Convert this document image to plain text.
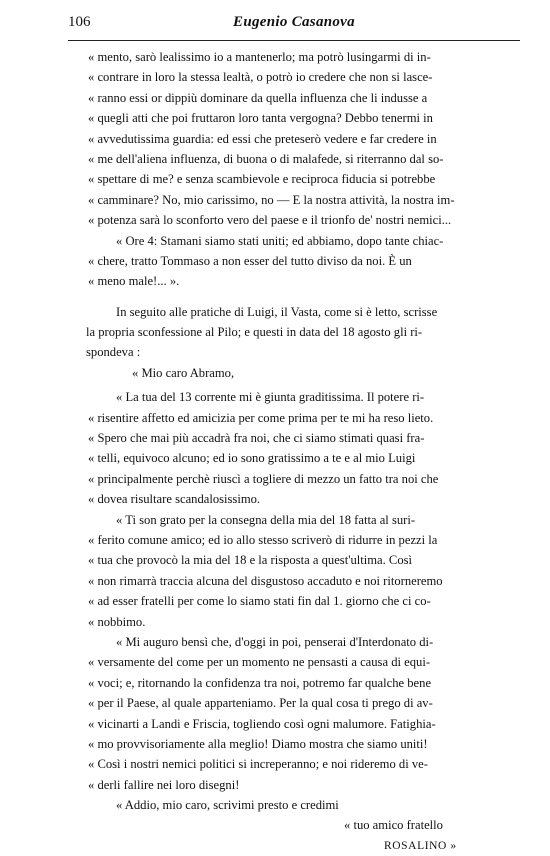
106	Eugenio Casanova
« mento, sarò lealissimo io a mantenerlo; ma potrò lusingarmi di in-
« contrare in loro la stessa lealtà, o potrò io credere che non si lasce-
« ranno essi or dippiù dominare da quella influenza che li indusse a
« quegli atti che poi fruttaron loro tanta vergogna? Debbo tenermi in
« avvedutissima guardia: ed essi che preteserò vedere e far credere in
« me dell'aliena influenza, di buona o di malafede, si riterranno dal so-
« spettare di me? e senza scambievole e reciproca fiducia si potrebbe
« camminare? No, mio carissimo, no — E la nostra attività, la nostra im-
« potenza sarà lo sconforto vero del paese e il trionfo de' nostri nemici...
« Ore 4: Stamani siamo stati uniti; ed abbiamo, dopo tante chiac-
« chere, tratto Tommaso a non esser del tutto diviso da noi. È un
« meno male!... ».
In seguito alle pratiche di Luigi, il Vasta, come si è letto, scrisse
la propria sconfessione al Pilo; e questi in data del 18 agosto gli ri-
spondeva :
« Mio caro Abramo,
« La tua del 13 corrente mi è giunta graditissima. Il potere ri-
« risentire affetto ed amicizia per come prima per te mi ha reso lieto.
« Spero che mai più accadrà fra noi, che ci siamo stimati quasi fra-
« telli, equivoco alcuno; ed io sono gratissimo a te e al mio Luigi
« principalmente perchè riuscì a togliere di mezzo un fatto tra noi che
« dovea risultare scandalosissimo.
« Ti son grato per la consegna della mia del 18 fatta al suri-
« ferito comune amico; ed io allo stesso scriverò di ridurre in pezzi la
« tua che provocò la mia del 18 e la risposta a quest'ultima. Così
« non rimarrà traccia alcuna del disgustoso accaduto e noi ritorneremo
« ad esser fratelli per come lo siamo stati fin dal 1. giorno che ci co-
« nobbimo.
« Mi auguro bensì che, d'oggi in poi, penserai d'Interdonato di-
« versamente del come per un momento ne pensasti a causa di equi-
« voci; e, ritornando la confidenza tra noi, potremo far qualche bene
« per il Paese, al quale apparteniamo. Per la qual cosa ti prego di av-
« vicinarti a Landi e Friscia, togliendo così ogni malumore. Fatighia-
« mo provvisoriamente alla meglio! Diamo mostra che siamo uniti!
« Così i nostri nemici politici si increperanno; e noi rideremo di ve-
« derli fallire nei loro disegni!
« Addio, mio caro, scrivimi presto e credimi
« tuo amico fratello
ROSALINO »
